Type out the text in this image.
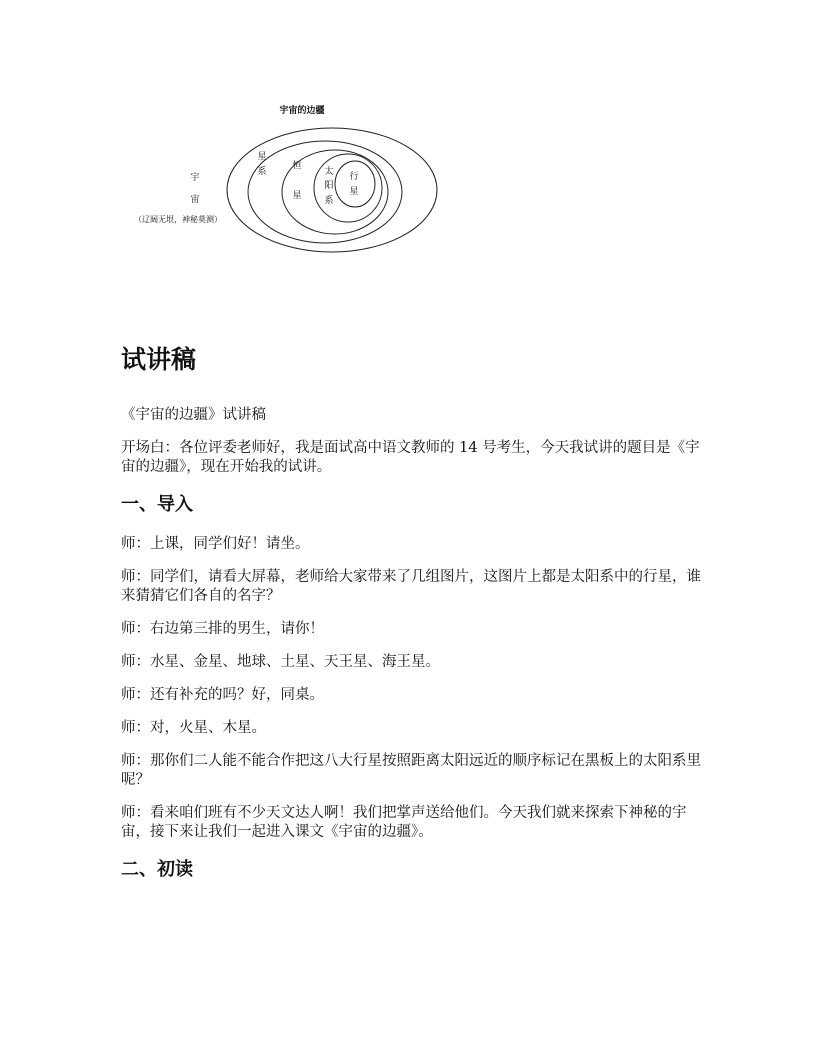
宇宙的边疆
宇
宙
（辽阔无垠，神秘莫测）
星
系
恒
星
太
阳
系
行
星
试讲稿

《宇宙的边疆》试讲稿

开场白：各位评委老师好，我是面试高中语文教师的 14 号考生，今天我试讲的题目是《宇宙的边疆》，现在开始我的试讲。

一、导入

师：上课，同学们好！请坐。

师：同学们，请看大屏幕，老师给大家带来了几组图片，这图片上都是太阳系中的行星，谁来猜猜它们各自的名字？

师：右边第三排的男生，请你！

师：水星、金星、地球、土星、天王星、海王星。

师：还有补充的吗？好，同桌。

师：对，火星、木星。

师：那你们二人能不能合作把这八大行星按照距离太阳远近的顺序标记在黑板上的太阳系里呢？

师：看来咱们班有不少天文达人啊！我们把掌声送给他们。今天我们就来探索下神秘的宇宙，接下来让我们一起进入课文《宇宙的边疆》。

二、初读
